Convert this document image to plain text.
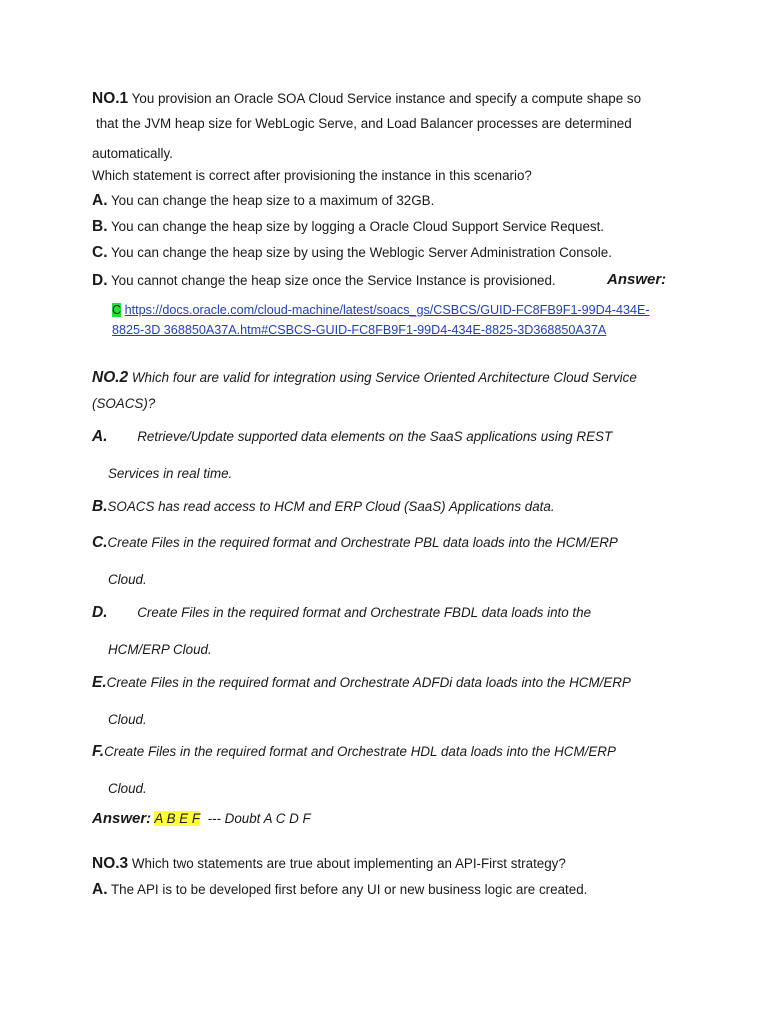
NO.1 You provision an Oracle SOA Cloud Service instance and specify a compute shape so
that the JVM heap size for WebLogic Serve, and Load Balancer processes are determined
automatically.
Which statement is correct after provisioning the instance in this scenario?
A. You can change the heap size to a maximum of 32GB.
B. You can change the heap size by logging a Oracle Cloud Support Service Request.
C. You can change the heap size by using the Weblogic Server Administration Console.
D. You cannot change the heap size once the Service Instance is provisioned.	Answer:
C https://docs.oracle.com/cloud-machine/latest/soacs_gs/CSBCS/GUID-FC8FB9F1-99D4-434E-
8825-3D 368850A37A.htm#CSBCS-GUID-FC8FB9F1-99D4-434E-8825-3D368850A37A
NO.2 Which four are valid for integration using Service Oriented Architecture Cloud Service
(SOACS)?
A. Retrieve/Update supported data elements on the SaaS applications using REST
Services in real time.
B.SOACS has read access to HCM and ERP Cloud (SaaS) Applications data.
C.Create Files in the required format and Orchestrate PBL data loads into the HCM/ERP
Cloud.
D. Create Files in the required format and Orchestrate FBDL data loads into the
HCM/ERP Cloud.
E.Create Files in the required format and Orchestrate ADFDi data loads into the HCM/ERP
Cloud.
F.Create Files in the required format and Orchestrate HDL data loads into the HCM/ERP
Cloud.
Answer: A B E F --- Doubt A C D F
NO.3 Which two statements are true about implementing an API-First strategy?
A. The API is to be developed first before any UI or new business logic are created.
